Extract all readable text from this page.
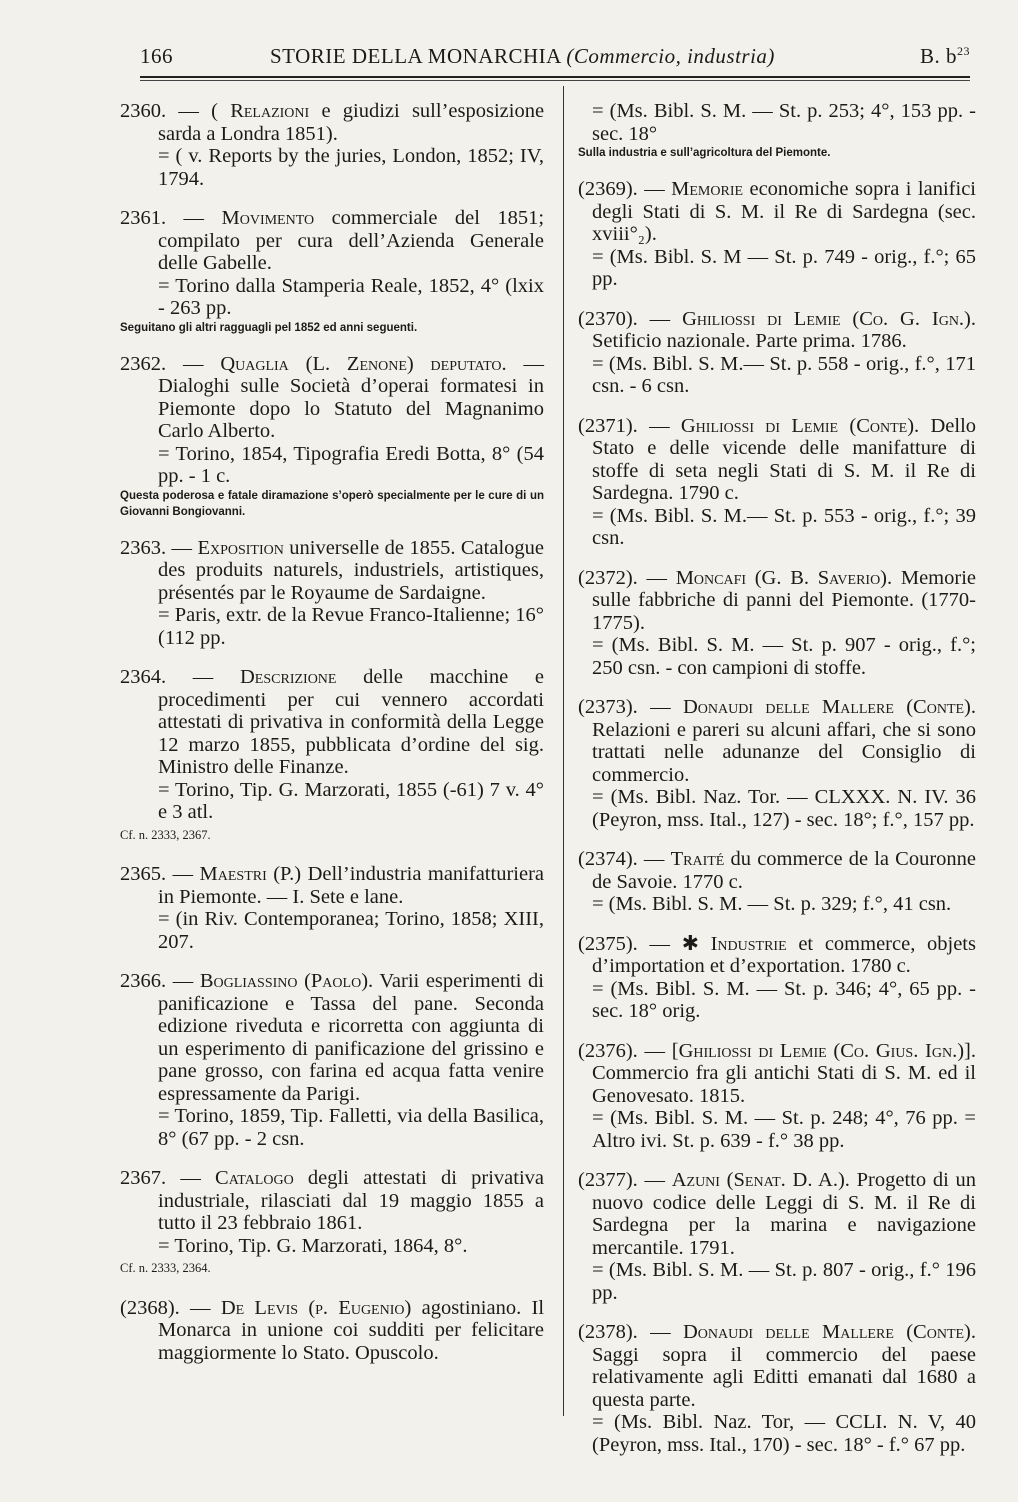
166	STORIE DELLA MONARCHIA (Commercio, industria)	B. $b^{23}$

2360. — ( Relazioni e giudizi sull’esposizione sarda a Londra 1851).

= ( v. Reports by the juries, London, 1852; IV, 1794.

2361. — Movimento commerciale del 1851; compilato per cura dell’Azienda Generale delle Gabelle.

= Torino dalla Stamperia Reale, 1852, 4° (lxix - 263 pp.

Seguitano gli altri ragguagli pel 1852 ed anni seguenti.

2362. — Quaglia (L. Zenone) deputato. — Dialoghi sulle Società d’operai formatesi in Piemonte dopo lo Statuto del Magnanimo Carlo Alberto.

= Torino, 1854, Tipografia Eredi Botta, 8° (54 pp. - 1 c.

Questa poderosa e fatale diramazione s’operò specialmente per le cure di un Giovanni Bongiovanni.

2363. — Exposition universelle de 1855. Catalogue des produits naturels, industriels, artistiques, présentés par le Royaume de Sardaigne.

= Paris, extr. de la Revue Franco-Italienne; 16° (112 pp.

2364. — Descrizione delle macchine e procedimenti per cui vennero accordati attestati di privativa in conformità della Legge 12 marzo 1855, pubblicata d’ordine del sig. Ministro delle Finanze.

= Torino, Tip. G. Marzorati, 1855 (-61) 7 v. 4° e 3 atl.

Cf. n. 2333, 2367.

2365. — Maestri (P.) Dell’industria manifatturiera in Piemonte. — I. Sete e lane.

= (in Riv. Contemporanea; Torino, 1858; XIII, 207.

2366. — Bogliassino (Paolo). Varii esperimenti di panificazione e Tassa del pane. Seconda edizione riveduta e ricorretta con aggiunta di un esperimento di panificazione del grissino e pane grosso, con farina ed acqua fatta venire espressamente da Parigi.

= Torino, 1859, Tip. Falletti, via della Basilica, 8° (67 pp. - 2 csn.

2367. — Catalogo degli attestati di privativa industriale, rilasciati dal 19 maggio 1855 a tutto il 23 febbraio 1861.

= Torino, Tip. G. Marzorati, 1864, 8°.

Cf. n. 2333, 2364.

(2368). — De Levis (p. Eugenio) agostiniano. Il Monarca in unione coi sudditi per felicitare maggiormente lo Stato. Opuscolo.

= (Ms. Bibl. S. M. — St. p. 253; 4°, 153 pp. - sec. 18°

Sulla industria e sull’agricoltura del Piemonte.

(2369). — Memorie economiche sopra i lanifici degli Stati di S. M. il Re di Sardegna (sec. xviii°₂).

= (Ms. Bibl. S. M — St. p. 749 - orig., f.°; 65 pp.

(2370). — Ghiliossi di Lemie (Co. G. Ign.). Setificio nazionale. Parte prima. 1786.

= (Ms. Bibl. S. M.— St. p. 558 - orig., f.°, 171 csn. - 6 csn.

(2371). — Ghiliossi di Lemie (Conte). Dello Stato e delle vicende delle manifatture di stoffe di seta negli Stati di S. M. il Re di Sardegna. 1790 c.

= (Ms. Bibl. S. M.— St. p. 553 - orig., f.°; 39 csn.

(2372). — Moncafi (G. B. Saverio). Memorie sulle fabbriche di panni del Piemonte. (1770-1775).

= (Ms. Bibl. S. M. — St. p. 907 - orig., f.°; 250 csn. - con campioni di stoffe.

(2373). — Donaudi delle Mallere (Conte). Relazioni e pareri su alcuni affari, che si sono trattati nelle adunanze del Consiglio di commercio.

= (Ms. Bibl. Naz. Tor. — CLXXX. N. IV. 36 (Peyron, mss. Ital., 127) - sec. 18°; f.°, 157 pp.

(2374). — Traité du commerce de la Couronne de Savoie. 1770 c.

= (Ms. Bibl. S. M. — St. p. 329; f.°, 41 csn.

(2375). — ✱ Industrie et commerce, objets d’importation et d’exportation. 1780 c.

= (Ms. Bibl. S. M. — St. p. 346; 4°, 65 pp. - sec. 18° orig.

(2376). — [Ghiliossi di Lemie (Co. Gius. Ign.)]. Commercio fra gli antichi Stati di S. M. ed il Genovesato. 1815.

= (Ms. Bibl. S. M. — St. p. 248; 4°, 76 pp. = Altro ivi. St. p. 639 - f.° 38 pp.

(2377). — Azuni (Senat. D. A.). Progetto di un nuovo codice delle Leggi di S. M. il Re di Sardegna per la marina e navigazione mercantile. 1791.

= (Ms. Bibl. S. M. — St. p. 807 - orig., f.° 196 pp.

(2378). — Donaudi delle Mallere (Conte). Saggi sopra il commercio del paese relativamente agli Editti emanati dal 1680 a questa parte.

= (Ms. Bibl. Naz. Tor, — CCLI. N. V, 40 (Peyron, mss. Ital., 170) - sec. 18° - f.° 67 pp.
